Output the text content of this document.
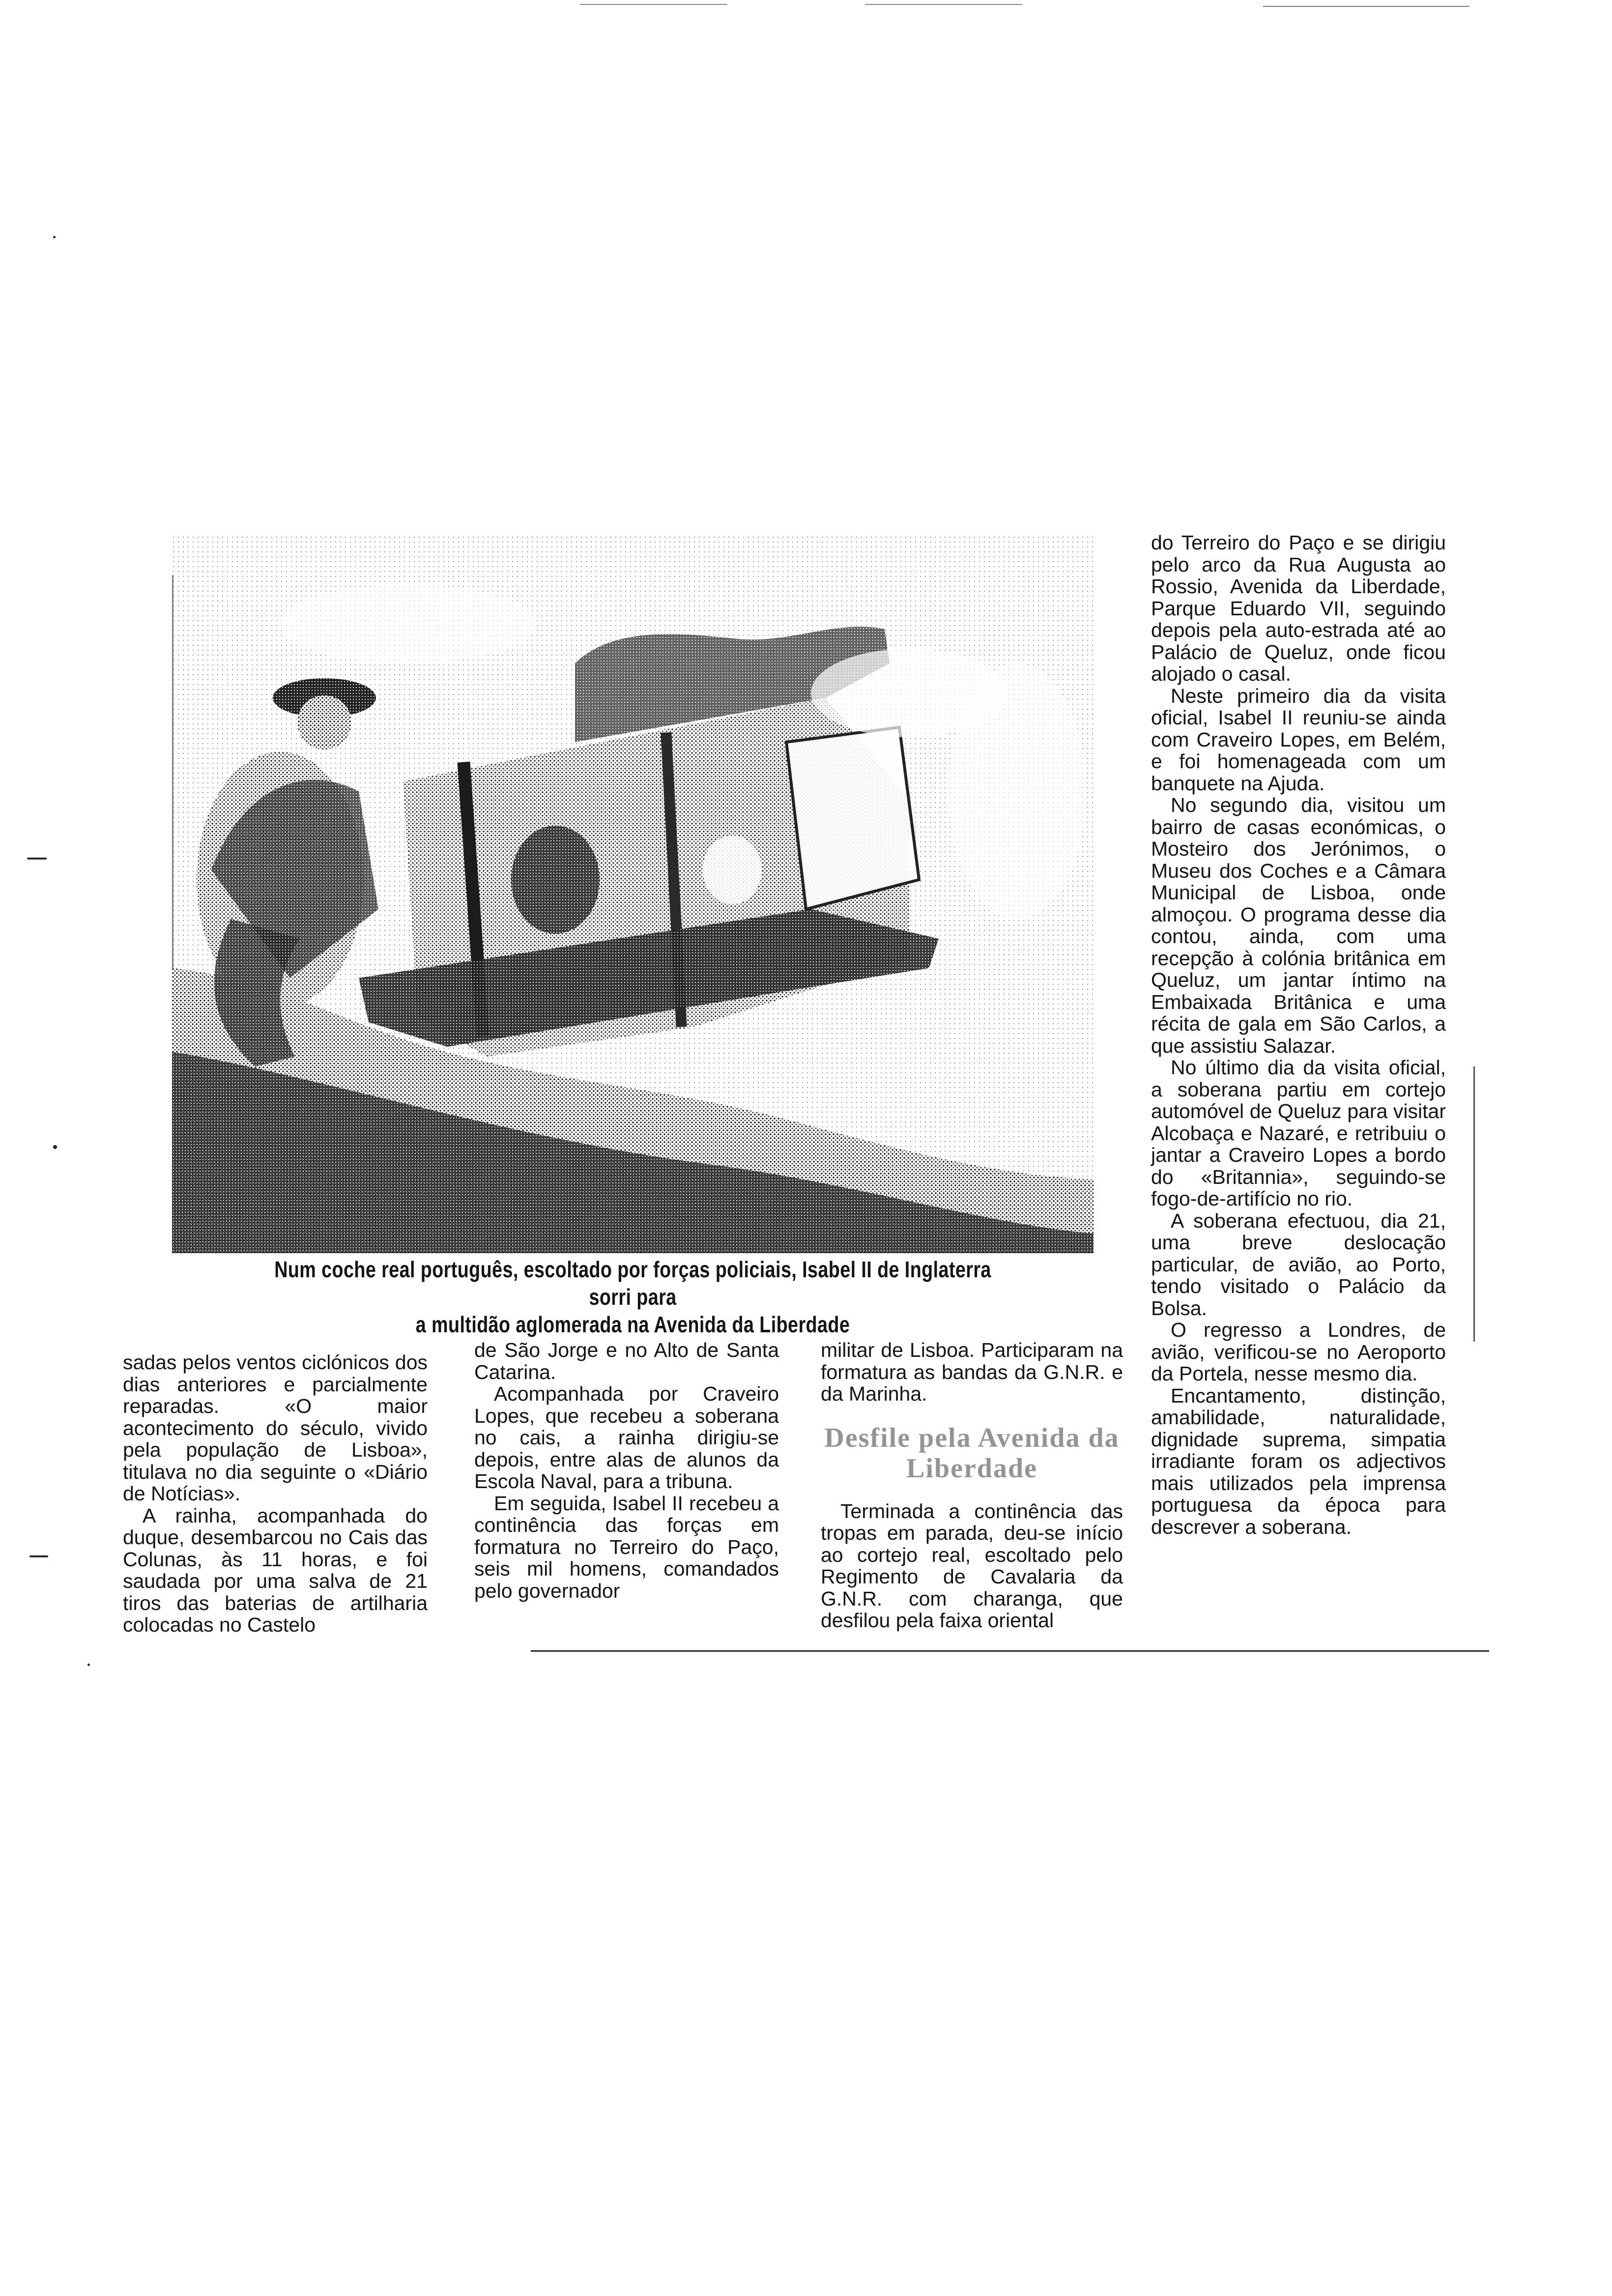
Num coche real português, escoltado por forças policiais, Isabel II de Inglaterra sorri para
a multidão aglomerada na Avenida da Liberdade

do Terreiro do Paço e se dirigiu pelo arco da Rua Augusta ao Rossio, Avenida da Liberdade, Parque Eduardo VII, seguindo depois pela auto-estrada até ao Palácio de Queluz, onde ficou alojado o casal.

Neste primeiro dia da visita oficial, Isabel II reuniu-se ainda com Craveiro Lopes, em Belém, e foi homenageada com um banquete na Ajuda.

No segundo dia, visitou um bairro de casas económicas, o Mosteiro dos Jerónimos, o Museu dos Coches e a Câmara Municipal de Lisboa, onde almoçou. O programa desse dia contou, ainda, com uma recepção à colónia britânica em Queluz, um jantar íntimo na Embaixada Britânica e uma récita de gala em São Carlos, a que assistiu Salazar.

No último dia da visita oficial, a soberana partiu em cortejo automóvel de Queluz para visitar Alcobaça e Nazaré, e retribuiu o jantar a Craveiro Lopes a bordo do «Britannia», seguindo-se fogo-de-artifício no rio.

A soberana efectuou, dia 21, uma breve deslocação particular, de avião, ao Porto, tendo visitado o Palácio da Bolsa.

O regresso a Londres, de avião, verificou-se no Aeroporto da Portela, nesse mesmo dia.

Encantamento, distinção, amabilidade, naturalidade, dignidade suprema, simpatia irradiante foram os adjectivos mais utilizados pela imprensa portuguesa da época para descrever a soberana.

sadas pelos ventos ciclónicos dos dias anteriores e parcialmente reparadas. «O maior acontecimento do século, vivido pela população de Lisboa», titulava no dia seguinte o «Diário de Notícias».

A rainha, acompanhada do duque, desembarcou no Cais das Colunas, às 11 horas, e foi saudada por uma salva de 21 tiros das baterias de artilharia colocadas no Castelo

de São Jorge e no Alto de Santa Catarina.

Acompanhada por Craveiro Lopes, que recebeu a soberana no cais, a rainha dirigiu-se depois, entre alas de alunos da Escola Naval, para a tribuna.

Em seguida, Isabel II recebeu a continência das forças em formatura no Terreiro do Paço, seis mil homens, comandados pelo governador

militar de Lisboa. Participaram na formatura as bandas da G.N.R. e da Marinha.

Desfile pela Avenida da Liberdade

Terminada a continência das tropas em parada, deu-se início ao cortejo real, escoltado pelo Regimento de Cavalaria da G.N.R. com charanga, que desfilou pela faixa oriental
